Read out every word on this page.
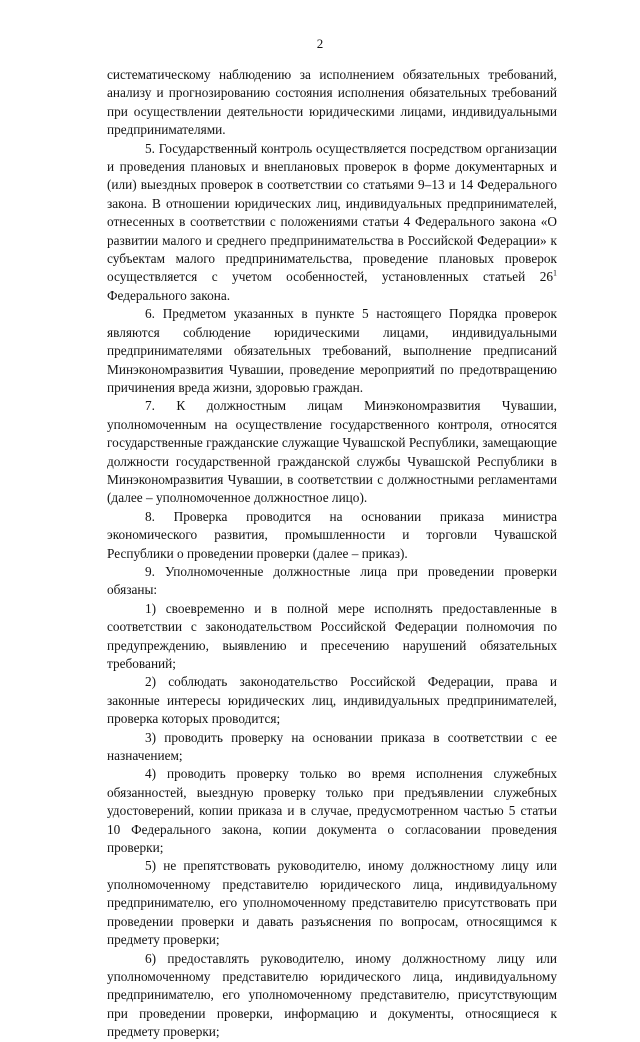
2

систематическому наблюдению за исполнением обязательных требований, анализу и прогнозированию состояния исполнения обязательных требований при осуществлении деятельности юридическими лицами, индивидуальными предпринимателями.

5. Государственный контроль осуществляется посредством организации и проведения плановых и внеплановых проверок в форме документарных и (или) выездных проверок в соответствии со статьями 9–13 и 14 Федерального закона. В отношении юридических лиц, индивидуальных предпринимателей, отнесенных в соответствии с положениями статьи 4 Федерального закона «О развитии малого и среднего предпринимательства в Российской Федерации» к субъектам малого предпринимательства, проведение плановых проверок осуществляется с учетом особенностей, установленных статьей $26^1$ Федерального закона.

6. Предметом указанных в пункте 5 настоящего Порядка проверок являются соблюдение юридическими лицами, индивидуальными предпринимателями обязательных требований, выполнение предписаний Минэкономразвития Чувашии, проведение мероприятий по предотвращению причинения вреда жизни, здоровью граждан.

7. К должностным лицам Минэкономразвития Чувашии, уполномоченным на осуществление государственного контроля, относятся государственные гражданские служащие Чувашской Республики, замещающие должности государственной гражданской службы Чувашской Республики в Минэкономразвития Чувашии, в соответствии с должностными регламентами (далее – уполномоченное должностное лицо).

8. Проверка проводится на основании приказа министра экономического развития, промышленности и торговли Чувашской Республики о проведении проверки (далее – приказ).

9. Уполномоченные должностные лица при проведении проверки обязаны:

1) своевременно и в полной мере исполнять предоставленные в соответствии с законодательством Российской Федерации полномочия по предупреждению, выявлению и пресечению нарушений обязательных требований;

2) соблюдать законодательство Российской Федерации, права и законные интересы юридических лиц, индивидуальных предпринимателей, проверка которых проводится;

3) проводить проверку на основании приказа в соответствии с ее назначением;

4) проводить проверку только во время исполнения служебных обязанностей, выездную проверку только при предъявлении служебных удостоверений, копии приказа и в случае, предусмотренном частью 5 статьи 10 Федерального закона, копии документа о согласовании проведения проверки;

5) не препятствовать руководителю, иному должностному лицу или уполномоченному представителю юридического лица, индивидуальному предпринимателю, его уполномоченному представителю присутствовать при проведении проверки и давать разъяснения по вопросам, относящимся к предмету проверки;

6) предоставлять руководителю, иному должностному лицу или уполномоченному представителю юридического лица, индивидуальному предпринимателю, его уполномоченному представителю, присутствующим при проведении проверки, информацию и документы, относящиеся к предмету проверки;
